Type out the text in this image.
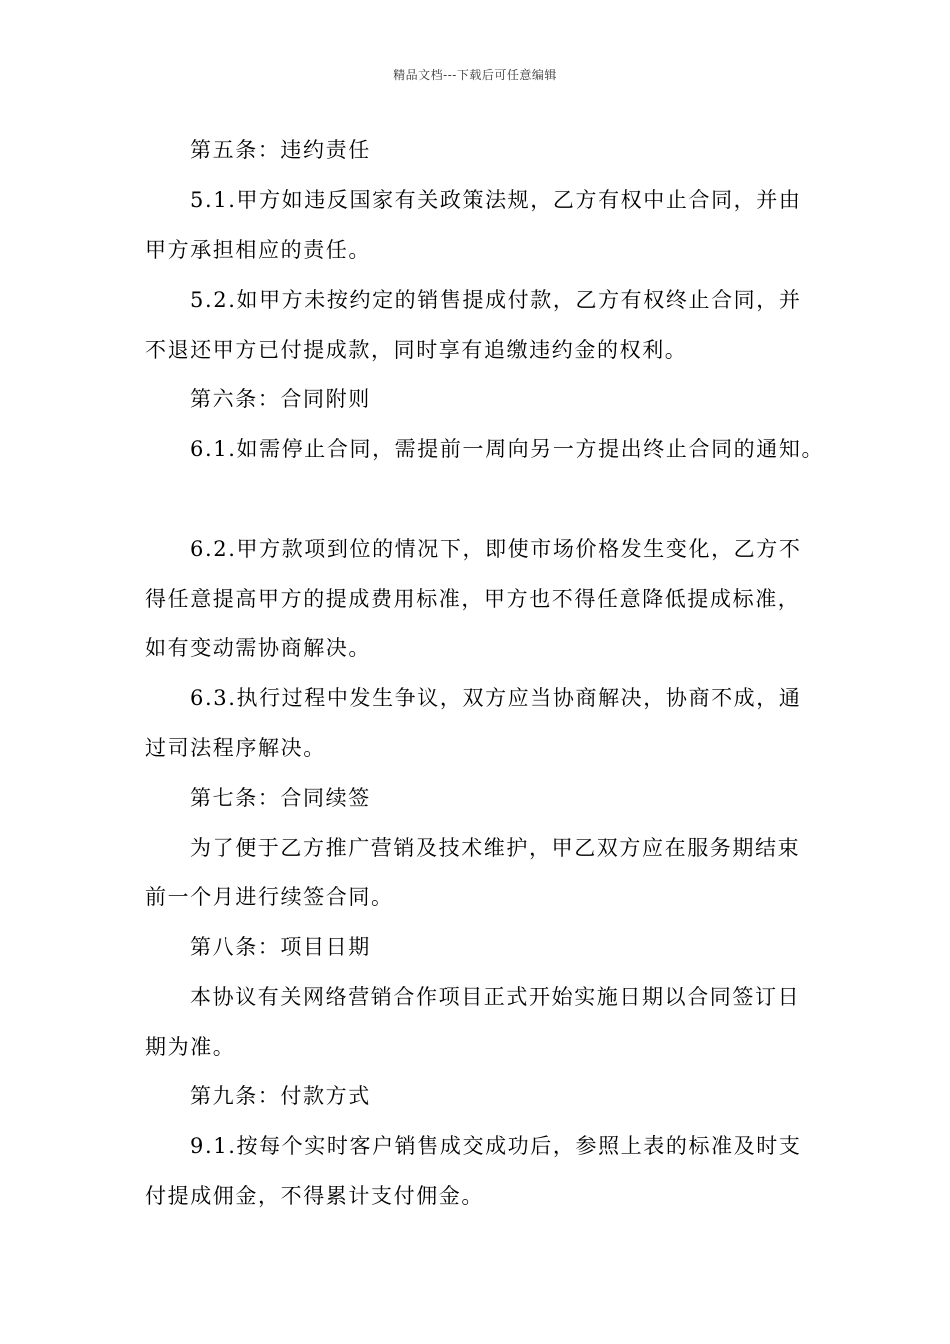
精品文档---下载后可任意编辑
第五条：违约责任
5.1.甲方如违反国家有关政策法规，乙方有权中止合同，并由
甲方承担相应的责任。
5.2.如甲方未按约定的销售提成付款，乙方有权终止合同，并
不退还甲方已付提成款，同时享有追缴违约金的权利。
第六条：合同附则
6.1.如需停止合同，需提前一周向另一方提出终止合同的通知。
6.2.甲方款项到位的情况下，即使市场价格发生变化，乙方不
得任意提高甲方的提成费用标准，甲方也不得任意降低提成标准，
如有变动需协商解决。
6.3.执行过程中发生争议，双方应当协商解决，协商不成，通
过司法程序解决。
第七条：合同续签
为了便于乙方推广营销及技术维护，甲乙双方应在服务期结束
前一个月进行续签合同。
第八条：项目日期
本协议有关网络营销合作项目正式开始实施日期以合同签订日
期为准。
第九条：付款方式
9.1.按每个实时客户销售成交成功后，参照上表的标准及时支
付提成佣金，不得累计支付佣金。
